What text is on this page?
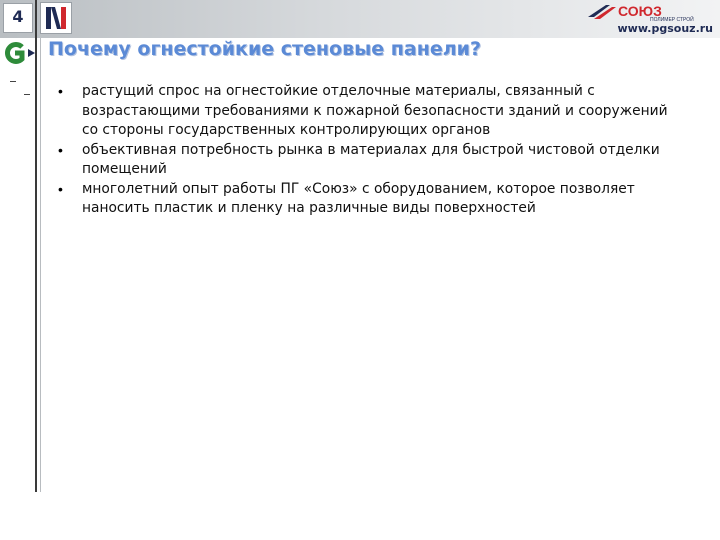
4	СОЮЗ
ПОЛИМЕР СТРОЙ
www.pgsouz.ru
Почему огнестойкие стеновые панели?
• растущий спрос на огнестойкие отделочные материалы, связанный с возрастающими требованиями к пожарной безопасности зданий и сооружений со стороны государственных контролирующих органов
• объективная потребность рынка в материалах для быстрой чистовой отделки помещений
• многолетний опыт работы ПГ «Союз» с оборудованием, которое позволяет наносить пластик и пленку на различные виды поверхностей
